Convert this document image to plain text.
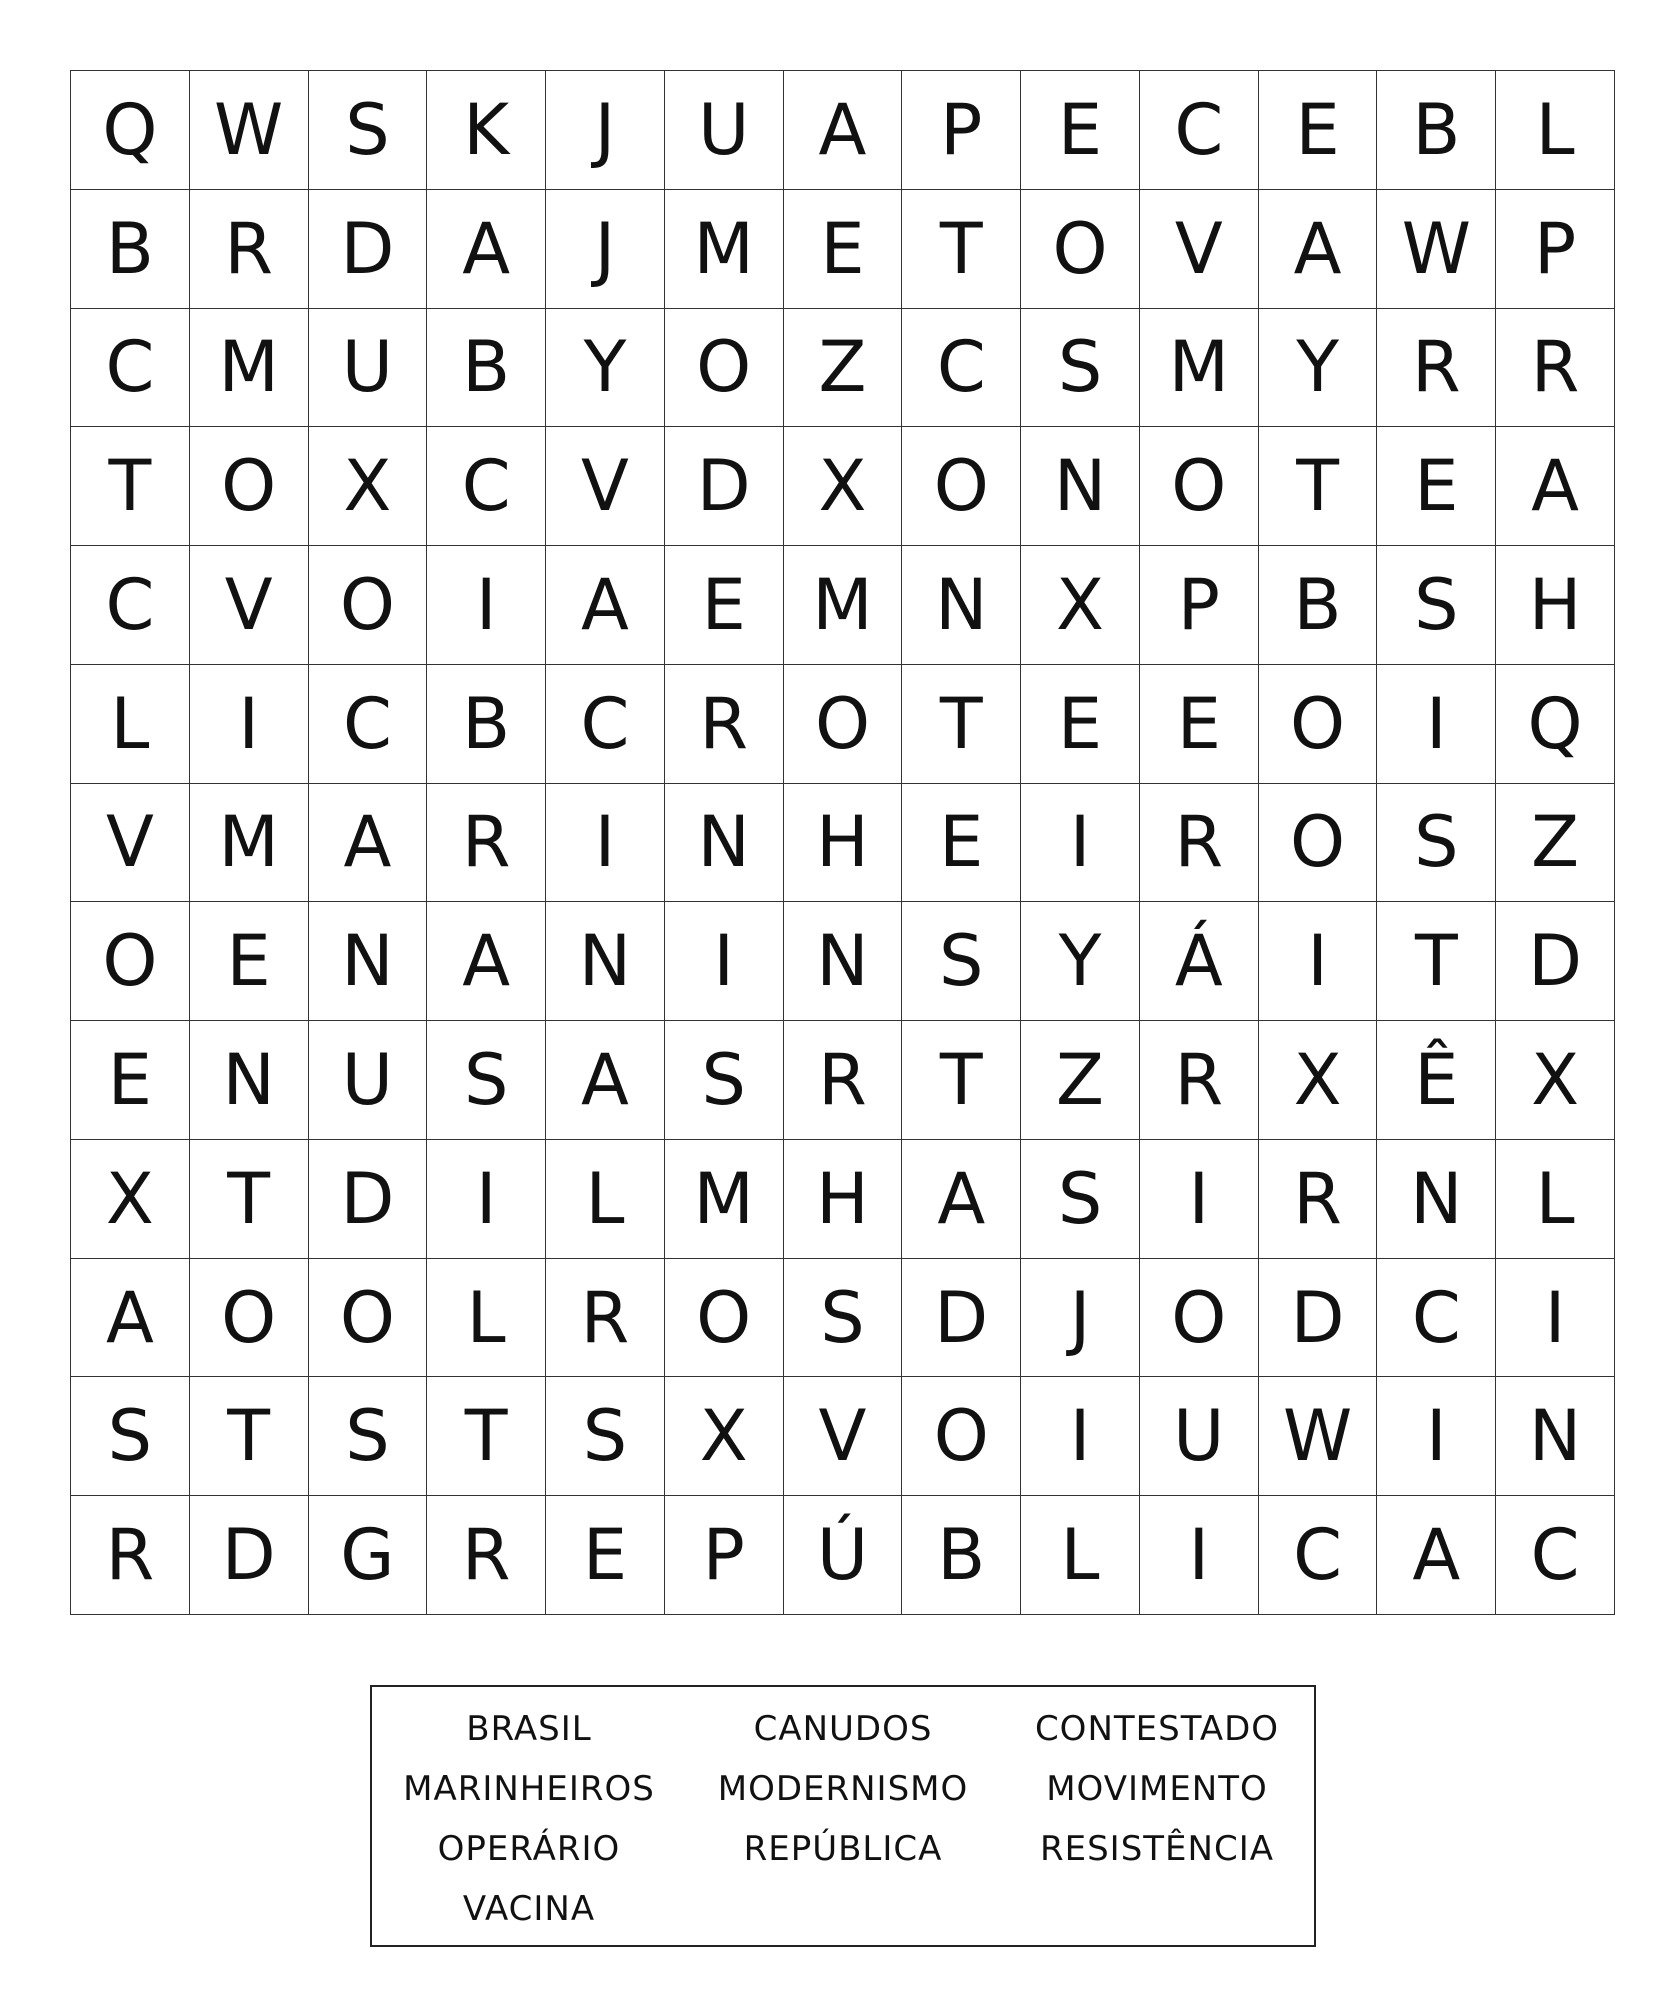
Q W S	K	J	U A	P	E	C	E	B	L
B	R D A	J	M E	T O V	A W P
C M U B	Y O Z	C	S M Y	R	R
T O X	C	V D X O N O T	E	A
C	V O	I	A	E M N X	P	B	S	H
L	I	C	B	C	R O T	E	E O	I	Q
V M A	R	I	N H	E	I	R O S	Z
O E	N A N	I	N	S	Y	Á	I	T	D
E	N U	S	A	S	R	T	Z	R	X	Ê	X
X	T	D	I	L M H A	S	I	R N	L
A O O	L	R O S D	J	O D C	I
S	T	S	T	S	X	V O	I	U W	I	N
R D G R	E	P	Ú B	L	I	C	A	C
BRASIL	CANUDOS	CONTESTADO
MARINHEIROS	MODERNISMO	MOVIMENTO
OPERÁRIO	REPÚBLICA	RESISTÊNCIA
VACINA
